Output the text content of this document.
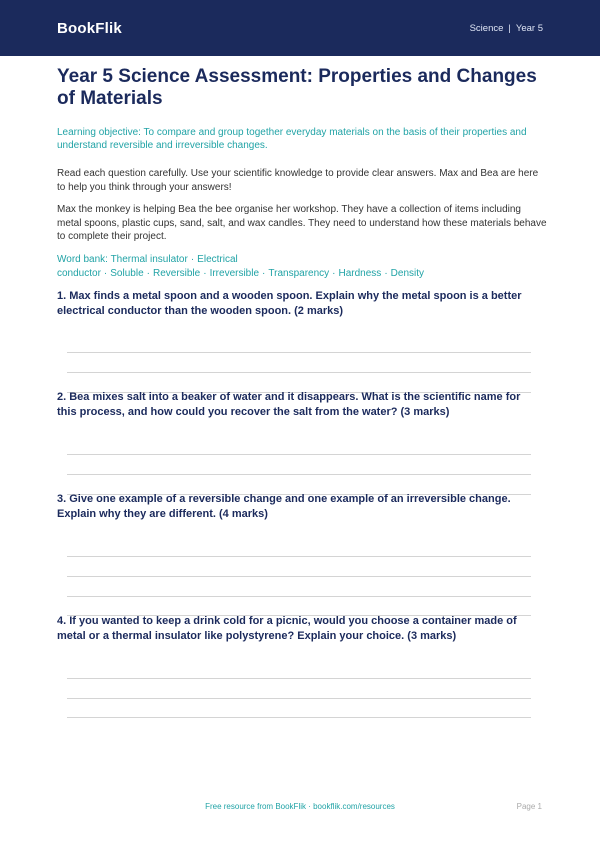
BookFlik	Science | Year 5
Year 5 Science Assessment: Properties and Changes of Materials
Learning objective: To compare and group together everyday materials on the basis of their properties and understand reversible and irreversible changes.
Read each question carefully. Use your scientific knowledge to provide clear answers. Max and Bea are here to help you think through your answers!
Max the monkey is helping Bea the bee organise her workshop. They have a collection of items including metal spoons, plastic cups, sand, salt, and wax candles. They need to understand how these materials behave to complete their project.
Word bank: Thermal insulator · Electrical conductor · Soluble · Reversible · Irreversible · Transparency · Hardness · Density
1. Max finds a metal spoon and a wooden spoon. Explain why the metal spoon is a better electrical conductor than the wooden spoon. (2 marks)
2. Bea mixes salt into a beaker of water and it disappears. What is the scientific name for this process, and how could you recover the salt from the water? (3 marks)
3. Give one example of a reversible change and one example of an irreversible change. Explain why they are different. (4 marks)
4. If you wanted to keep a drink cold for a picnic, would you choose a container made of metal or a thermal insulator like polystyrene? Explain your choice. (3 marks)
Free resource from BookFlik · bookflik.com/resources	Page 1
